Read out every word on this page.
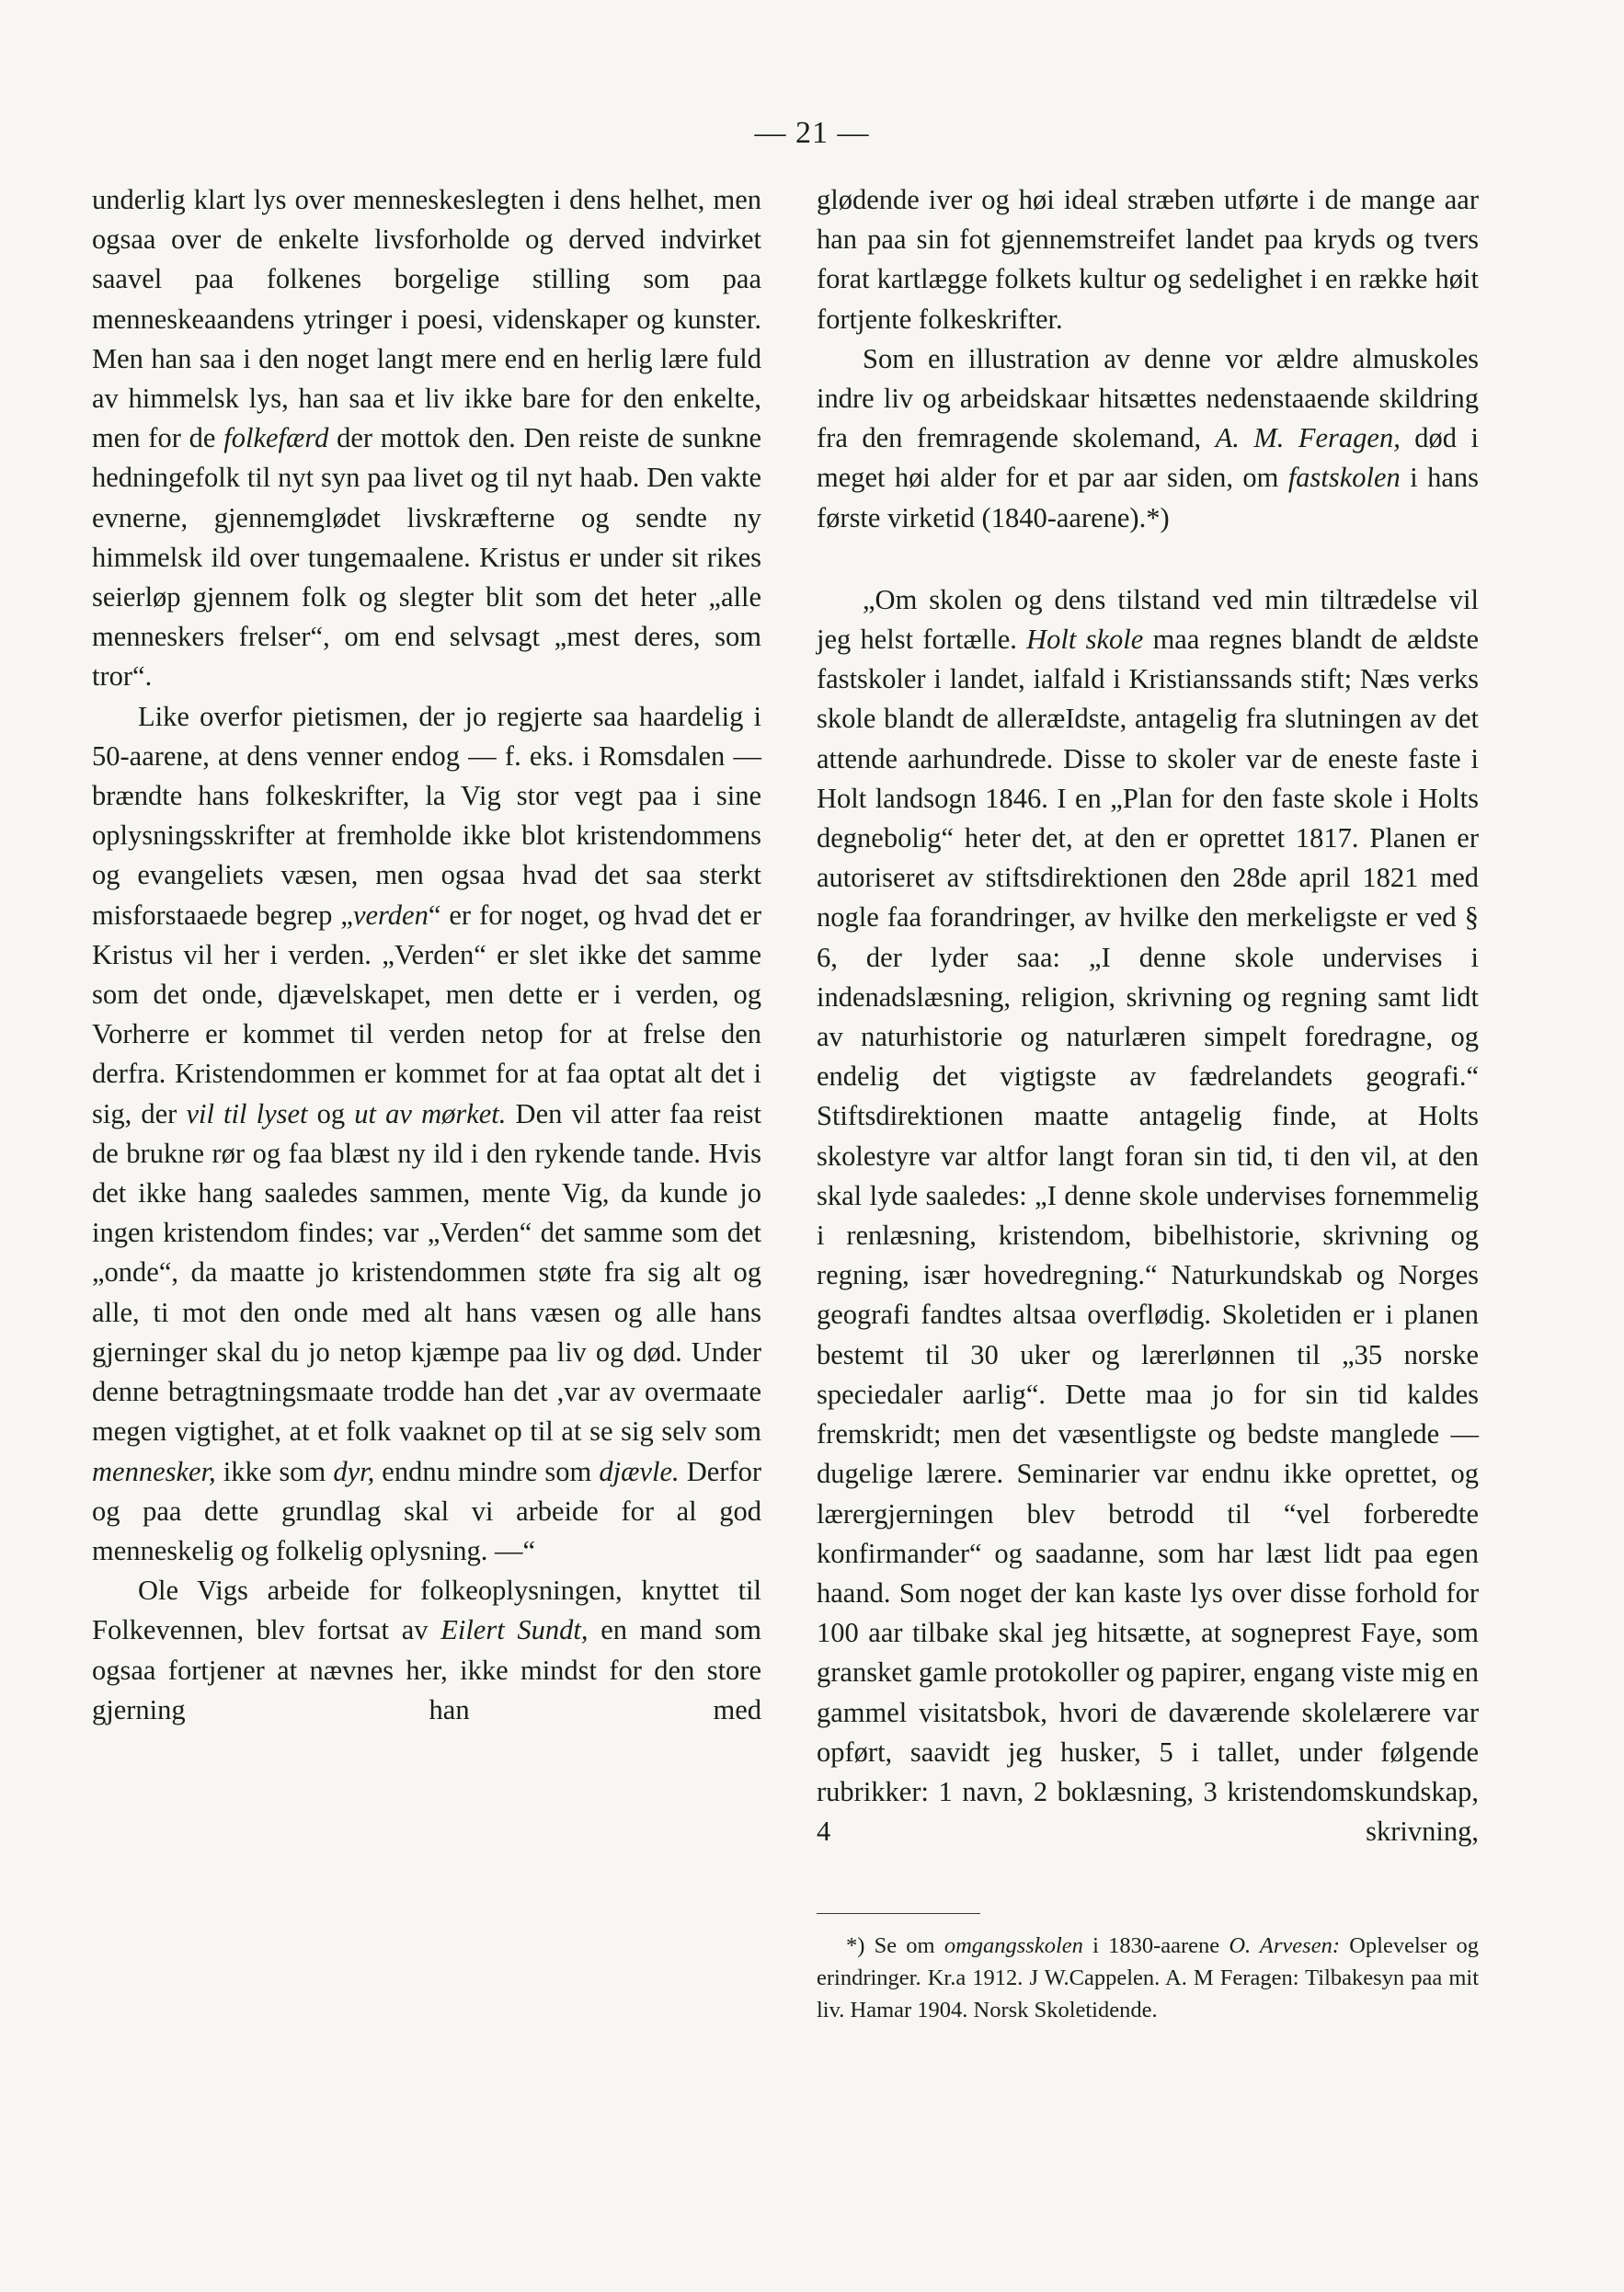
— 21 —

underlig klart lys over menneskeslegten i dens helhet, men ogsaa over de enkelte livsforholde og derved indvirket saavel paa folkenes borgelige stilling som paa menneskeaandens ytringer i poesi, videnskaper og kunster. Men han saa i den noget langt mere end en herlig lære fuld av himmelsk lys, han saa et liv ikke bare for den enkelte, men for de folkefærd der mottok den. Den reiste de sunkne hedningefolk til nyt syn paa livet og til nyt haab. Den vakte evnerne, gjennemglødet livskræfterne og sendte ny himmelsk ild over tungemaalene. Kristus er under sit rikes seierløp gjennem folk og slegter blit som det heter „alle menneskers frelser“, om end selvsagt „mest deres, som tror“.

Like overfor pietismen, der jo regjerte saa haardelig i 50-aarene, at dens venner endog — f. eks. i Romsdalen — brændte hans folkeskrifter, la Vig stor vegt paa i sine oplysningsskrifter at fremholde ikke blot kristendommens og evangeliets væsen, men ogsaa hvad det saa sterkt misforstaaede begrep „verden“ er for noget, og hvad det er Kristus vil her i verden. „Verden“ er slet ikke det samme som det onde, djævelskapet, men dette er i verden, og Vorherre er kommet til verden netop for at frelse den derfra. Kristendommen er kommet for at faa optat alt det i sig, der vil til lyset og ut av mørket. Den vil atter faa reist de brukne rør og faa blæst ny ild i den rykende tande. Hvis det ikke hang saaledes sammen, mente Vig, da kunde jo ingen kristendom findes; var „Verden“ det samme som det „onde“, da maatte jo kristendommen støte fra sig alt og alle, ti mot den onde med alt hans væsen og alle hans gjerninger skal du jo netop kjæmpe paa liv og død. Under denne betragtningsmaate trodde han det ,var av overmaate megen vigtighet, at et folk vaaknet op til at se sig selv som mennesker, ikke som dyr, endnu mindre som djævle. Derfor og paa dette grundlag skal vi arbeide for al god menneskelig og folkelig oplysning. —“

Ole Vigs arbeide for folkeoplysningen, knyttet til Folkevennen, blev fortsat av Eilert Sundt, en mand som ogsaa fortjener at nævnes her, ikke mindst for den store gjerning han med

glødende iver og høi ideal stræben utførte i de mange aar han paa sin fot gjennemstreifet landet paa kryds og tvers forat kartlægge folkets kultur og sedelighet i en række høit fortjente folkeskrifter.

Som en illustration av denne vor ældre almuskoles indre liv og arbeidskaar hitsættes nedenstaaende skildring fra den fremragende skolemand, A. M. Feragen, død i meget høi alder for et par aar siden, om fastskolen i hans første virketid (1840-aarene).*)

„Om skolen og dens tilstand ved min tiltrædelse vil jeg helst fortælle. Holt skole maa regnes blandt de ældste fastskoler i landet, ialfald i Kristianssands stift; Næs verks skole blandt de alleræIdste, antagelig fra slutningen av det attende aarhundrede. Disse to skoler var de eneste faste i Holt landsogn 1846. I en „Plan for den faste skole i Holts degnebolig“ heter det, at den er oprettet 1817. Planen er autoriseret av stiftsdirektionen den 28de april 1821 med nogle faa forandringer, av hvilke den merkeligste er ved § 6, der lyder saa: „I denne skole undervises i indenadslæsning, religion, skrivning og regning samt lidt av naturhistorie og naturlæren simpelt foredragne, og endelig det vigtigste av fædrelandets geografi.“ Stiftsdirektionen maatte antagelig finde, at Holts skolestyre var altfor langt foran sin tid, ti den vil, at den skal lyde saaledes: „I denne skole undervises fornemmelig i renlæsning, kristendom, bibelhistorie, skrivning og regning, især hovedregning.“ Naturkundskab og Norges geografi fandtes altsaa overflødig. Skoletiden er i planen bestemt til 30 uker og lærerlønnen til „35 norske speciedaler aarlig“. Dette maa jo for sin tid kaldes fremskridt; men det væsentligste og bedste manglede — dugelige lærere. Seminarier var endnu ikke oprettet, og lærergjerningen blev betrodd til “vel forberedte konfirmander“ og saadanne, som har læst lidt paa egen haand. Som noget der kan kaste lys over disse forhold for 100 aar tilbake skal jeg hitsætte, at sogneprest Faye, som gransket gamle protokoller og papirer, engang viste mig en gammel visitatsbok, hvori de daværende skolelærere var opført, saavidt jeg husker, 5 i tallet, under følgende rubrikker: 1 navn, 2 boklæsning, 3 kristendomskundskap, 4 skrivning,

*) Se om omgangsskolen i 1830-aarene O. Arvesen: Oplevelser og erindringer. Kr.a 1912. J W.Cappelen. A. M Feragen: Tilbakesyn paa mit liv. Hamar 1904. Norsk Skoletidende.
